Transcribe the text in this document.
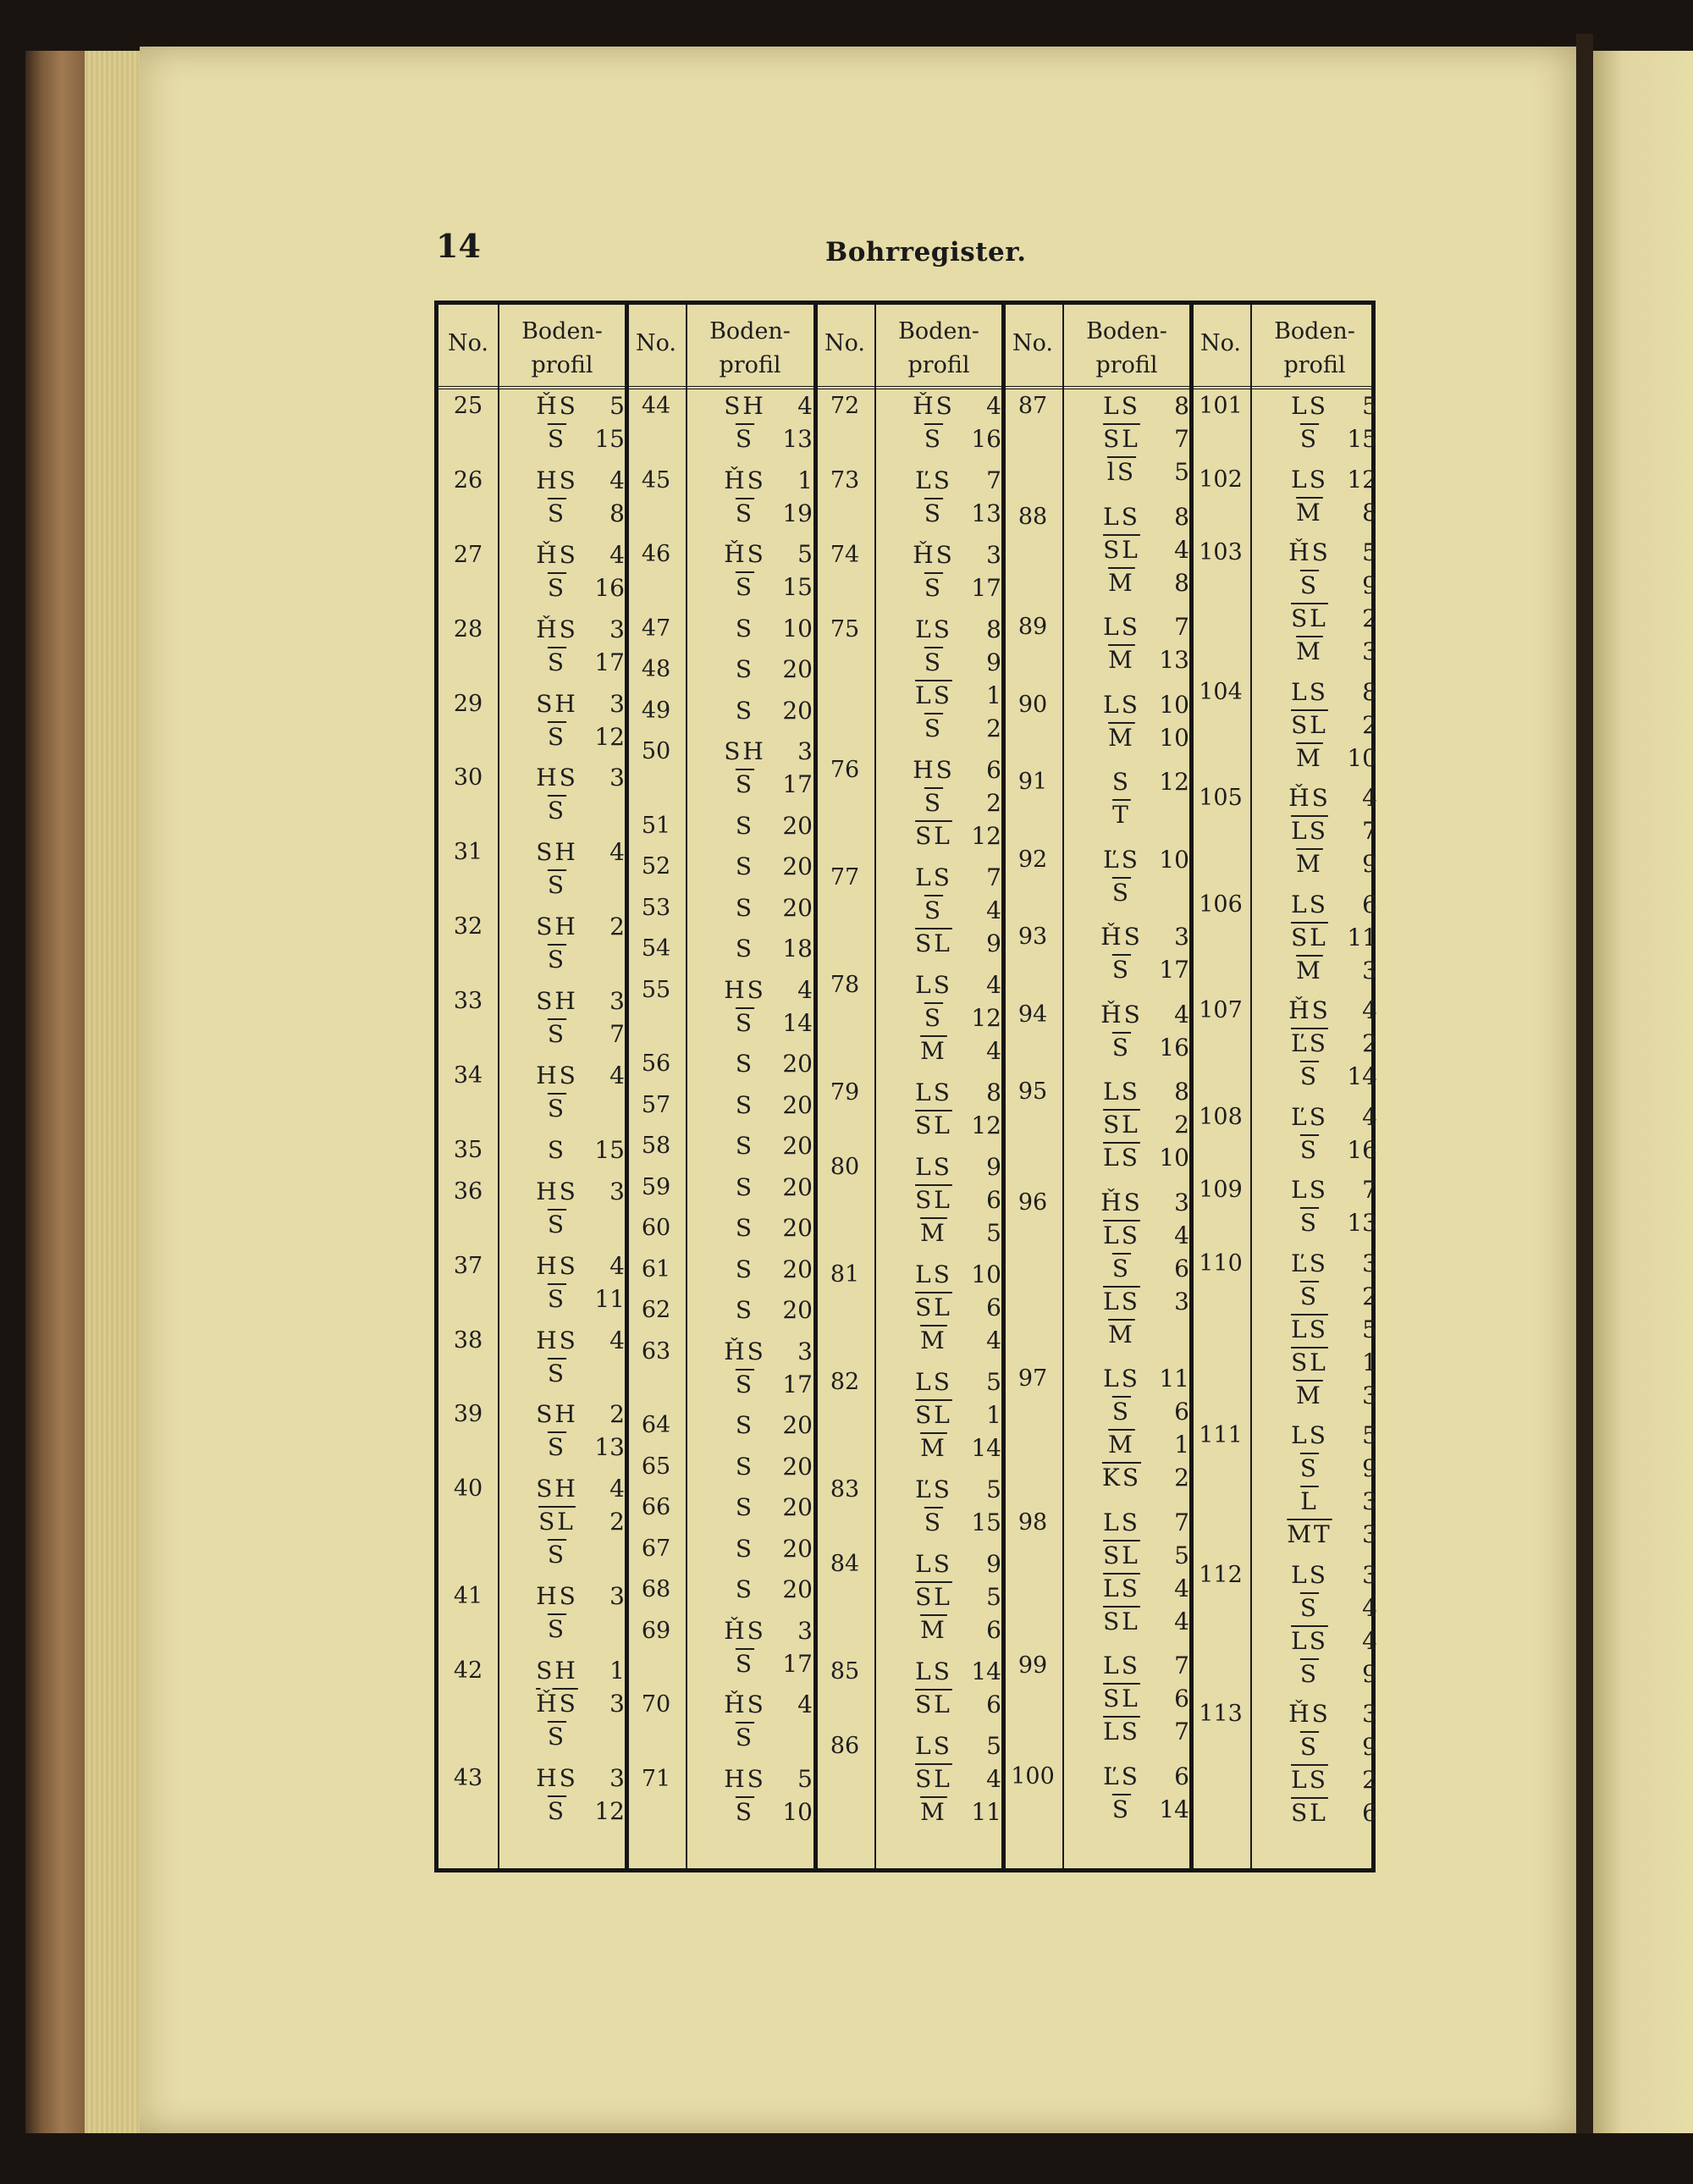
14	Bohrregister.
No.	Boden-
profil
25	ȞS	5
$\overline{S}$	15
26	HS	4
$\overline{S}$	8
27	ȞS	4
$\overline{S}$	16
28	ȞS	3
$\overline{S}$	17
29	SH	3
$\overline{S}$	12
30	HS	3
$\overline{S}$
31	SH	4
$\overline{S}$
32	SH	2
$\overline{S}$
33	SH	3
$\overline{S}$	7
34	HS	4
$\overline{S}$
35	S	15
36	HS	3
$\overline{S}$
37	HS	4
$\overline{S}$	11
38	HS	4
$\overline{S}$
39	SH	2
$\overline{S}$	13
40	SH	4
$\overline{SL}$	2
$\overline{S}$
41	HS	3
$\overline{S}$
42	SH	1
$\overline{ȞS}$	3
$\overline{S}$
43	HS	3
$\overline{S}$	12
No.	Boden-
profil
44	SH	4
$\overline{S}$	13
45	ȞS	1
$\overline{S}$	19
46	ȞS	5
$\overline{S}$	15
47	S	10
48	S	20
49	S	20
50	SH	3
$\overline{S}$	17
51	S	20
52	S	20
53	S	20
54	S	18
55	HS	4
$\overline{S}$	14
56	S	20
57	S	20
58	S	20
59	S	20
60	S	20
61	S	20
62	S	20
63	ȞS	3
$\overline{S}$	17
64	S	20
65	S	20
66	S	20
67	S	20
68	S	20
69	ȞS	3
$\overline{S}$	17
70	ȞS	4
$\overline{S}$
71	HS	5
$\overline{S}$	10
No.	Boden-
profil
72	ȞS	4
$\overline{S}$	16
73	ĽS	7
$\overline{S}$	13
74	ȞS	3
$\overline{S}$	17
75	ĽS	8
$\overline{S}$	9
$\overline{LS}$	1
$\overline{S}$	2
76	HS	6
$\overline{S}$	2
$\overline{SL}$ 12
77	LS	7
$\overline{S}$	4
$\overline{SL}$	9
78	LS	4
$\overline{S}$	12
$\overline{M}$	4
79	LS	8
$\overline{SL}$ 12
80	LS	9
$\overline{SL}$	6
$\overline{M}$	5
81	LS 10
$\overline{SL}$	6
$\overline{M}$	4
82	LS	5
$\overline{SL}$	1
$\overline{M}$	14
83	ĽS	5
$\overline{S}$	15
84	LS	9
$\overline{SL}$	5
$\overline{M}$	6
85	LS 14
$\overline{SL}$	6
86	LS	5
$\overline{SL}$	4
$\overline{M}$	11
No.	Boden-
profil
87	LS	8
$\overline{SL}$	7
$\overline{lS}$	5
88	LS	8
$\overline{SL}$	4
$\overline{M}$	8
89	LS	7
$\overline{M}$	13
90	LS 10
$\overline{M}$	10
91	S	12
$\overline{T}$
92	ĽS 10
$\overline{S}$
93	ȞS	3
$\overline{S}$	17
94	ȞS	4
$\overline{S}$	16
95	LS	8
$\overline{SL}$	2
$\overline{LS}$ 10
96	ȞS	3
$\overline{LS}$	4
$\overline{S}$	6
$\overline{LS}$	3
$\overline{M}$
97	LS 11
$\overline{S}$	6
$\overline{M}$	1
$\overline{KS}$	2
98	LS	7
$\overline{SL}$	5
$\overline{LS}$	4
$\overline{SL}$	4
99	LS	7
$\overline{SL}$	6
$\overline{LS}$	7
100	ĽS	6
$\overline{S}$	14
No.	Boden-
profil
101	LS	5
$\overline{S}$	15
102	LS 12
$\overline{M}$	8
103	ȞS	5
$\overline{S}$	9
$\overline{SL}$	2
$\overline{M}$	3
104	LS	8
$\overline{SL}$	2
$\overline{M}$	10
105	ȞS	4
$\overline{LS}$	7
$\overline{M}$	9
106	LS	6
$\overline{SL}$ 11
$\overline{M}$	3
107	ȞS	4
$\overline{ĽS}$	2
$\overline{S}$	14
108	ĽS	4
$\overline{S}$	16
109	LS	7
$\overline{S}$	13
110	ĽS	3
$\overline{S}$	2
$\overline{LS}$	5
$\overline{SL}$	1
$\overline{M}$	3
111	LS	5
$\overline{S}$	9
$\overline{L}$	3
$\overline{MT}$	3
112	LS	3
$\overline{S}$	4
$\overline{LS}$	4
$\overline{S}$	9
113	ȞS	3
$\overline{S}$	9
$\overline{LS}$	2
$\overline{SL}$	6
